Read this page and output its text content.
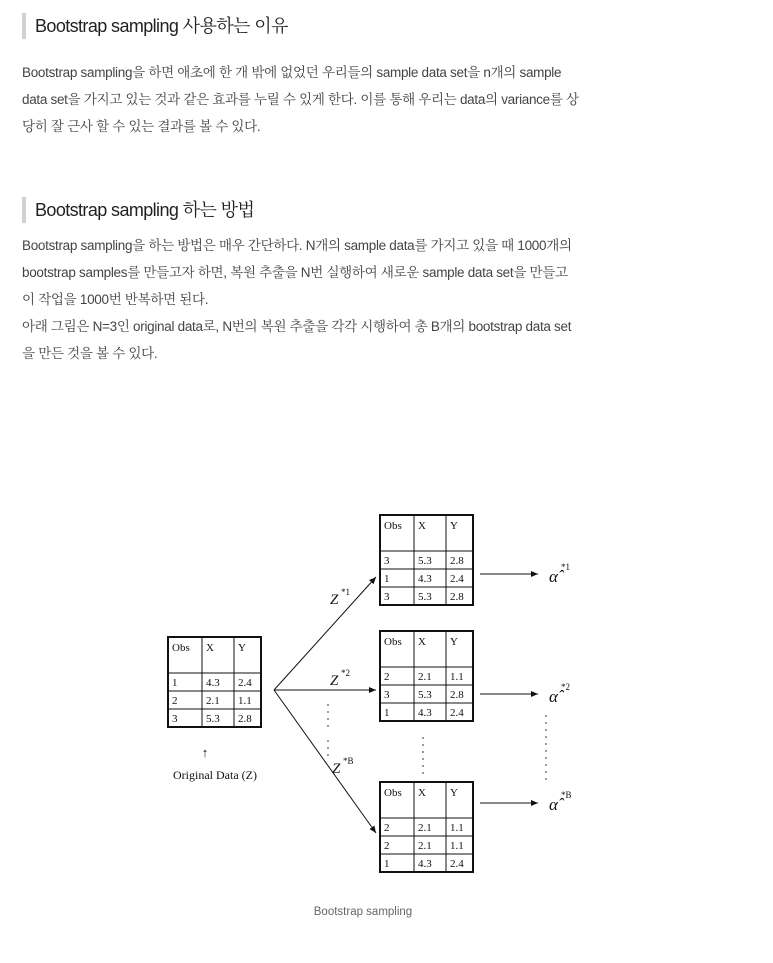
Bootstrap sampling 사용하는 이유
Bootstrap sampling을 하면 애초에 한 개 밖에 없었던 우리들의 sample data set을 n개의 sample
data set을 가지고 있는 것과 같은 효과를 누릴 수 있게 한다. 이를 통해 우리는 data의 variance를 상
당히 잘 근사 할 수 있는 결과를 볼 수 있다.
Bootstrap sampling 하는 방법
Bootstrap sampling을 하는 방법은 매우 간단하다. N개의 sample data를 가지고 있을 때 1000개의
bootstrap samples를 만들고자 하면, 복원 추출을 N번 실행하여 새로운 sample data set을 만들고
이 작업을 1000번 반복하면 된다.
아래 그림은 N=3인 original data로, N번의 복원 추출을 각각 시행하여 총 B개의 bootstrap data set
을 만든 것을 볼 수 있다.
Obs X Y
1	4.3 2.4
2	2.1 1.1
3	5.3 2.8
↑
Original Data (Z)
Obs X Y
3	5.3 2.8
1	4.3 2.4
3	5.3 2.8
Obs X Y
2	2.1 1.1
3	5.3 2.8
1	4.3 2.4
Obs X Y
2	2.1 1.1
2	2.1 1.1
1	4.3 2.4
Z *1
Z *2
Z *B
α̂ *1
α̂ *2
α̂ *B
Bootstrap sampling
